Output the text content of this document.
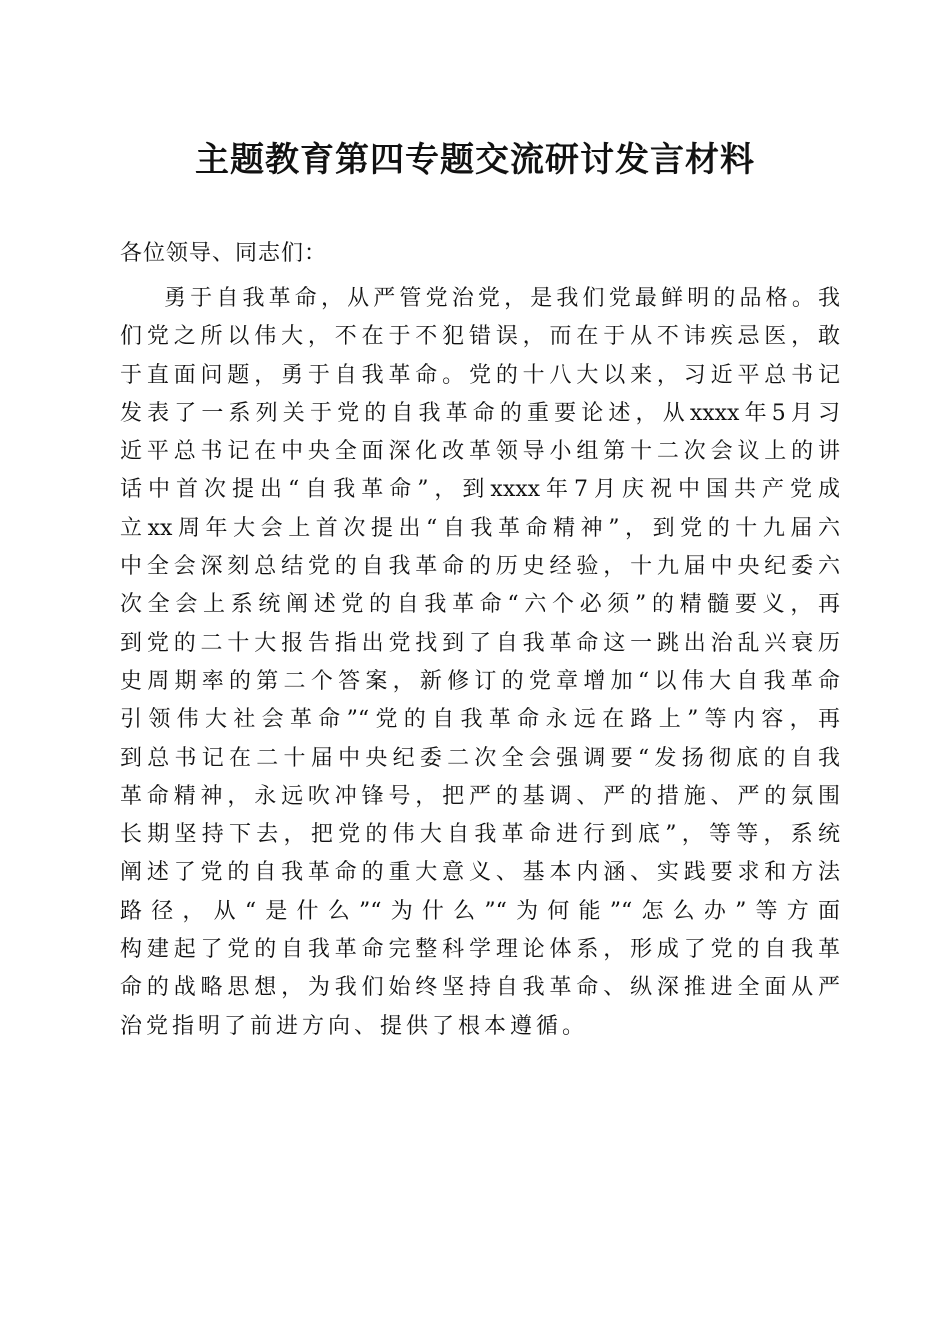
主题教育第四专题交流研讨发言材料

各位领导、同志们：

勇于自我革命，从严管党治党，是我们党最鲜明的品格。我
们党之所以伟大，不在于不犯错误，而在于从不讳疾忌医，敢
于直面问题，勇于自我革命。党的十八大以来，习近平总书记
发表了一系列关于党的自我革命的重要论述，从xxxx年5月习
近平总书记在中央全面深化改革领导小组第十二次会议上的讲
话中首次提出“自我革命”，到xxxx年7月庆祝中国共产党成
立xx周年大会上首次提出“自我革命精神”，到党的十九届六
中全会深刻总结党的自我革命的历史经验，十九届中央纪委六
次全会上系统阐述党的自我革命“六个必须”的精髓要义，再
到党的二十大报告指出党找到了自我革命这一跳出治乱兴衰历
史周期率的第二个答案，新修订的党章增加“以伟大自我革命
引领伟大社会革命”“党的自我革命永远在路上”等内容，再
到总书记在二十届中央纪委二次全会强调要“发扬彻底的自我
革命精神，永远吹冲锋号，把严的基调、严的措施、严的氛围
长期坚持下去，把党的伟大自我革命进行到底”，等等，系统
阐述了党的自我革命的重大意义、基本内涵、实践要求和方法
路径，从“是什么”“为什么”“为何能”“怎么办”等方面
构建起了党的自我革命完整科学理论体系，形成了党的自我革
命的战略思想，为我们始终坚持自我革命、纵深推进全面从严
治党指明了前进方向、提供了根本遵循。
